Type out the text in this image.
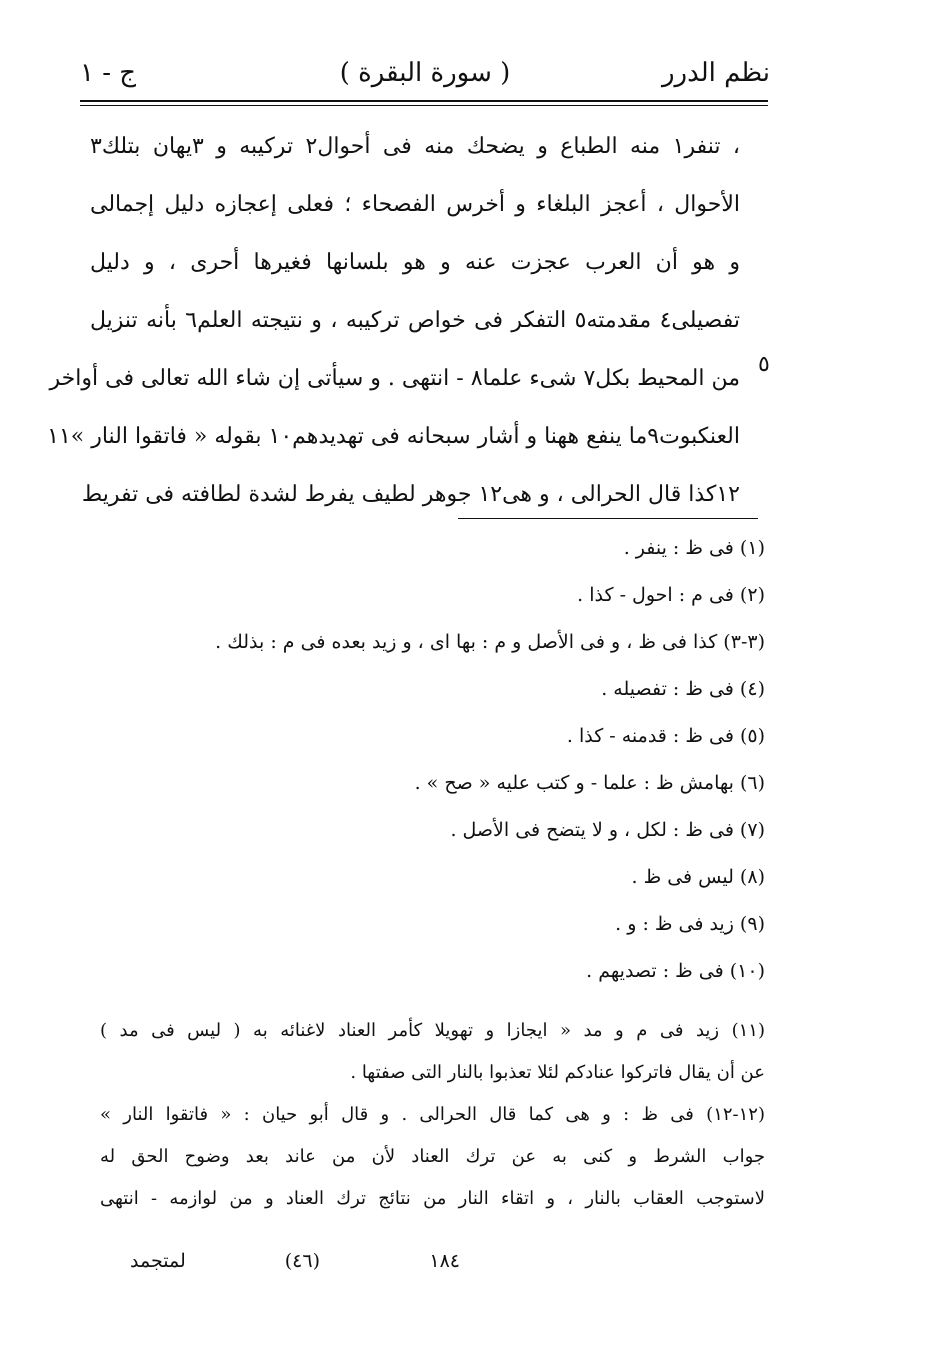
نظم الدرر
( سورة البقرة )
ج - ١
، تنفر١ منه الطباع و يضحك منه فى أحوال٢ تركيبه و ٣يهان بتلك٣
الأحوال ، أعجز البلغاء و أخرس الفصحاء ؛ فعلى إعجازه دليل إجمالى
و هو أن العرب عجزت عنه و هو بلسانها فغيرها أحرى ، و دليل
تفصيلى٤ مقدمته٥ التفكر فى خواص تركيبه ، و نتيجته العلم٦ بأنه تنزيل
من المحيط بكل٧ شىء علما٨ - انتهى . و سيأتى إن شاء الله تعالى فى أواخر
العنكبوت٩ما ينفع ههنا و أشار سبحانه فى تهديدهم١٠ بقوله « فاتقوا النار »١١
١٢كذا قال الحرالى ، و هى١٢ جوهر لطيف يفرط لشدة لطافته فى تفريط
٥
(١) فى ظ : ينفر .
(٢) فى م : احول - كذا .
(٣-٣) كذا فى ظ ، و فى الأصل و م : بها اى ، و زيد بعده فى م : بذلك .
(٤) فى ظ : تفصيله .
(٥) فى ظ : قدمنه - كذا .
(٦) بهامش ظ : علما - و كتب عليه « صح » .
(٧) فى ظ : لكل ، و لا يتضح فى الأصل .
(٨) ليس فى ظ .
(٩) زيد فى ظ : و .
(١٠) فى ظ : تصديهم .
(١١) زيد فى م و مد « ايجازا و تهويلا كأمر العناد لاغنائه به ( ليس فى مد )
عن أن يقال فاتركوا عنادكم لئلا تعذبوا بالنار التى صفتها .
(١٢-١٢) فى ظ : و هى كما قال الحرالى . و قال أبو حيان : « فاتقوا النار »
جواب الشرط و كنى به عن ترك العناد لأن من عاند بعد وضوح الحق له
لاستوجب العقاب بالنار ، و اتقاء النار من نتائج ترك العناد و من لوازمه - انتهى
١٨٤
(٤٦)
لمتجمد
